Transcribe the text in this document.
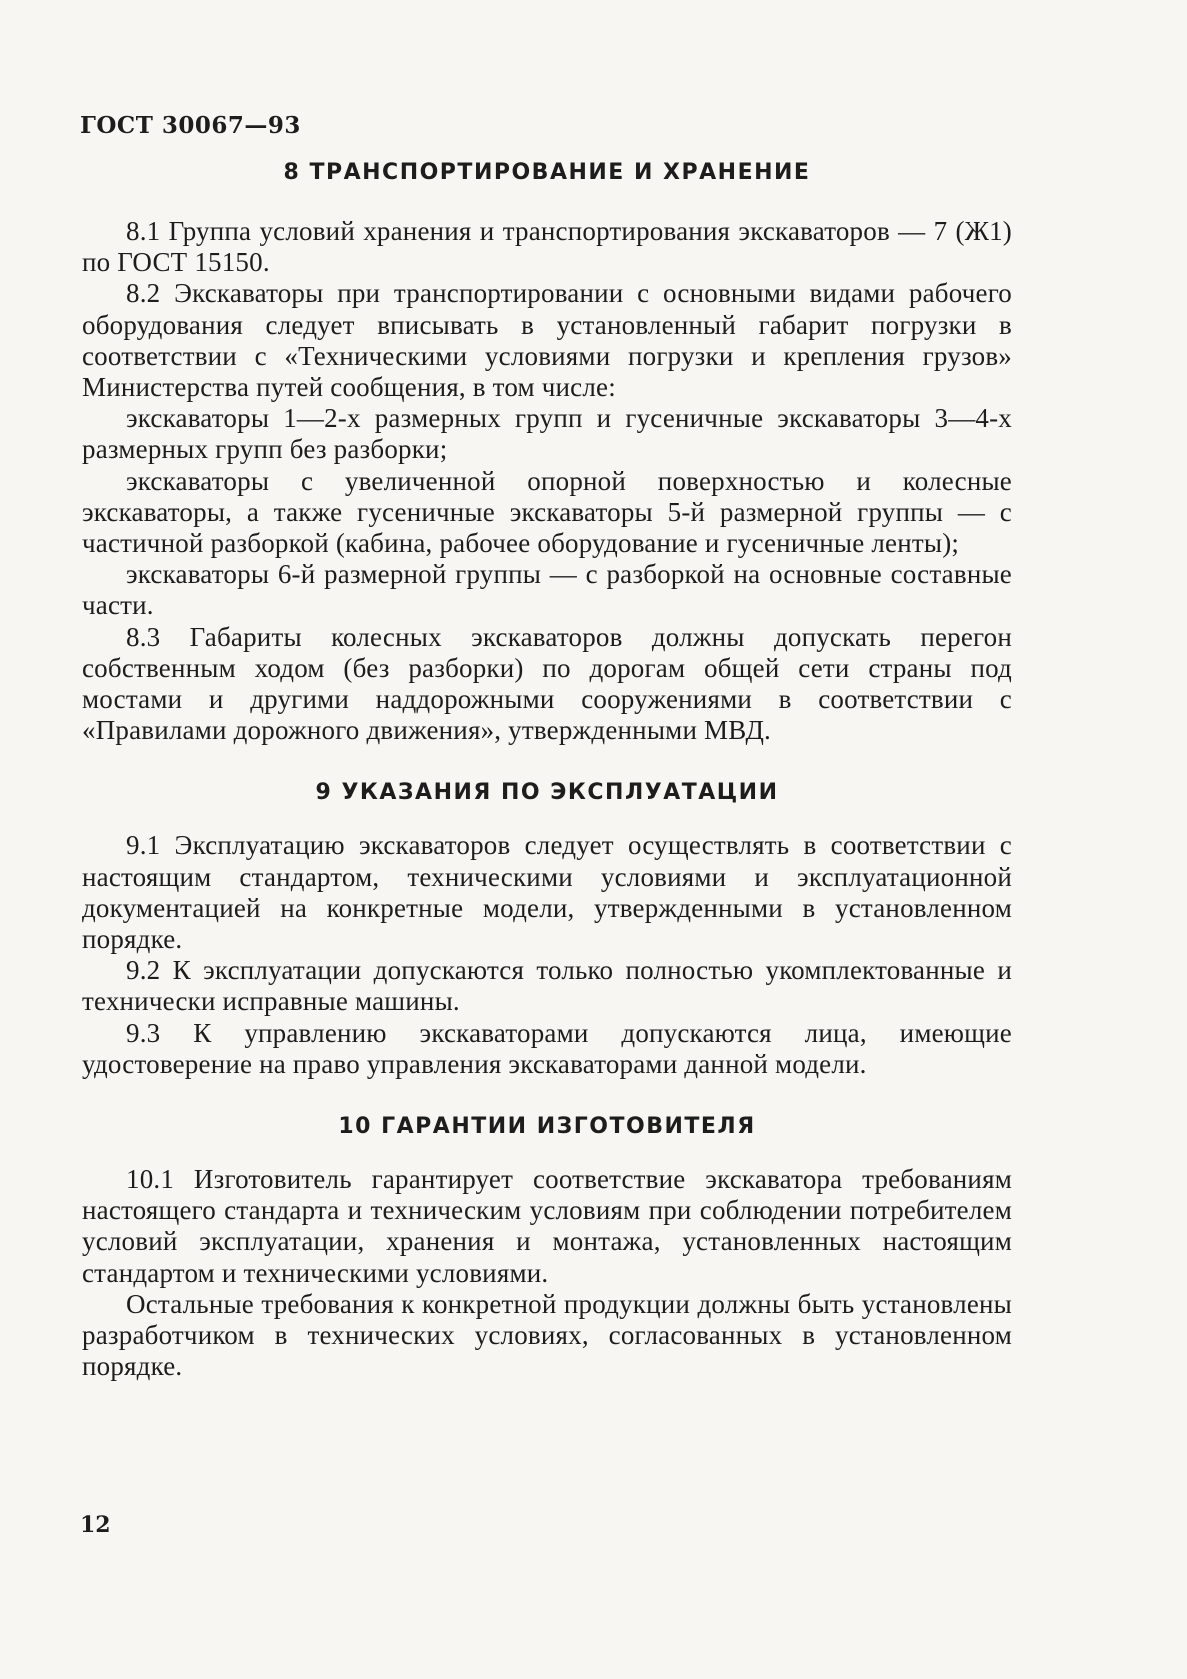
ГОСТ 30067—93
8 ТРАНСПОРТИРОВАНИЕ И ХРАНЕНИЕ

8.1 Группа условий хранения и транспортирования экскаваторов — 7 (Ж1) по ГОСТ 15150.

8.2 Экскаваторы при транспортировании с основными видами рабочего оборудования следует вписывать в установленный габарит погрузки в соответствии с «Техническими условиями погрузки и крепления грузов» Министерства путей сообщения, в том числе:

экскаваторы 1—2-х размерных групп и гусеничные экскаваторы 3—4-х размерных групп без разборки;

экскаваторы с увеличенной опорной поверхностью и колесные экскаваторы, а также гусеничные экскаваторы 5-й размерной группы — с частичной разборкой (кабина, рабочее оборудование и гусеничные ленты);

экскаваторы 6-й размерной группы — с разборкой на основные составные части.

8.3 Габариты колесных экскаваторов должны допускать перегон собственным ходом (без разборки) по дорогам общей сети страны под мостами и другими наддорожными сооружениями в соответствии с «Правилами дорожного движения», утвержденными МВД.

9 УКАЗАНИЯ ПО ЭКСПЛУАТАЦИИ

9.1 Эксплуатацию экскаваторов следует осуществлять в соответствии с настоящим стандартом, техническими условиями и эксплуатационной документацией на конкретные модели, утвержденными в установленном порядке.

9.2 К эксплуатации допускаются только полностью укомплектованные и технически исправные машины.

9.3 К управлению экскаваторами допускаются лица, имеющие удостоверение на право управления экскаваторами данной модели.

10 ГАРАНТИИ ИЗГОТОВИТЕЛЯ

10.1 Изготовитель гарантирует соответствие экскаватора требованиям настоящего стандарта и техническим условиям при соблюдении потребителем условий эксплуатации, хранения и монтажа, установленных настоящим стандартом и техническими условиями.

Остальные требования к конкретной продукции должны быть установлены разработчиком в технических условиях, согласованных в установленном порядке.

12
